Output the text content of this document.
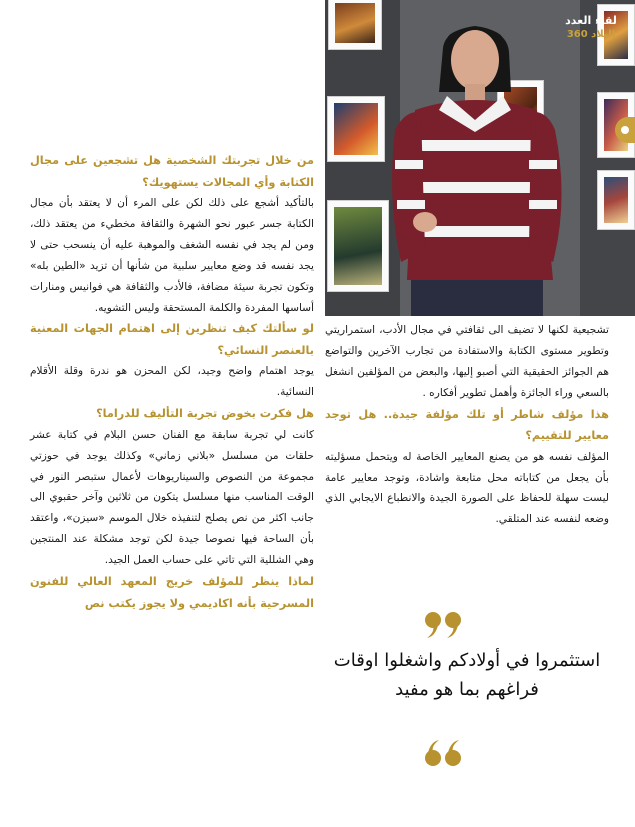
لقاء العدد
البلاد 360

من خلال تجربتك الشخصية هل تشجعين على مجال الكتابة وأي المجالات يستهويك؟

بالتأكيد أشجع على ذلك لكن على المرء أن لا يعتقد بأن مجال الكتابة جسر عبور نحو الشهرة والثقافة مخطيء من يعتقد ذلك، ومن لم يجد في نفسه الشغف والموهبة عليه أن ينسحب حتى لا يجد نفسه قد وضع معايير سلبية من شأنها أن تزيد «الطين بله» وتكون تجربة سيئة مضافة، فالأدب والثقافة هي فوانيس ومنارات أساسها المفردة والكلمة المستحقة وليس التشويه.

لو سألتك كيف تنظرين إلى اهتمام الجهات المعنية بالعنصر النسائي؟

يوجد اهتمام واضح وجيد، لكن المحزن هو ندرة وقلة الأقلام النسائية.

هل فكرت بخوض تجربة التأليف للدراما؟

كانت لي تجربة سابقة مع الفنان حسن البلام في كتابة عشر حلقات من مسلسل «بلاني زماني» وكذلك يوجد في حوزتي مجموعة من النصوص والسيناريوهات لأعمال ستبصر النور في الوقت المناسب منها مسلسل يتكون من ثلاثين وآخر حقبوي الى جانب اكثر من نص يصلح لتنفيذه خلال الموسم «سيزن»، واعتقد بأن الساحة فيها نصوصا جيدة لكن توجد مشكلة عند المنتجين وهي الشللية التي تاتي على حساب العمل الجيد.

لماذا ينظر للمؤلف خريج المعهد العالي للفنون المسرحية بأنه اكاديمي ولا يجوز يكتب نص

تشجيعية لكنها لا تضيف الى ثقافتي في مجال الأدب، استمراريتي وتطوير مستوى الكتابة والاستفادة من تجارب الآخرين والتواضع هم الجوائز الحقيقية التي أصبو إليها، والبعض من المؤلفين انشغل بالسعي وراء الجائزة وأهمل تطوير أفكاره .

هذا مؤلف شاطر أو تلك مؤلفة جيدة.. هل توجد معايير للتقييم؟

المؤلف نفسه هو من يصنع المعايير الخاصة له ويتحمل مسؤليته بأن يجعل من كتاباته محل متابعة واشادة، وتوجد معايير عامة ليست سهلة للحفاظ على الصورة الجيدة والانطباع الايجابي الذي وضعه لنفسه عند المتلقي.

استثمروا في أولادكم واشغلوا اوقات فراغهم بما هو مفيد
